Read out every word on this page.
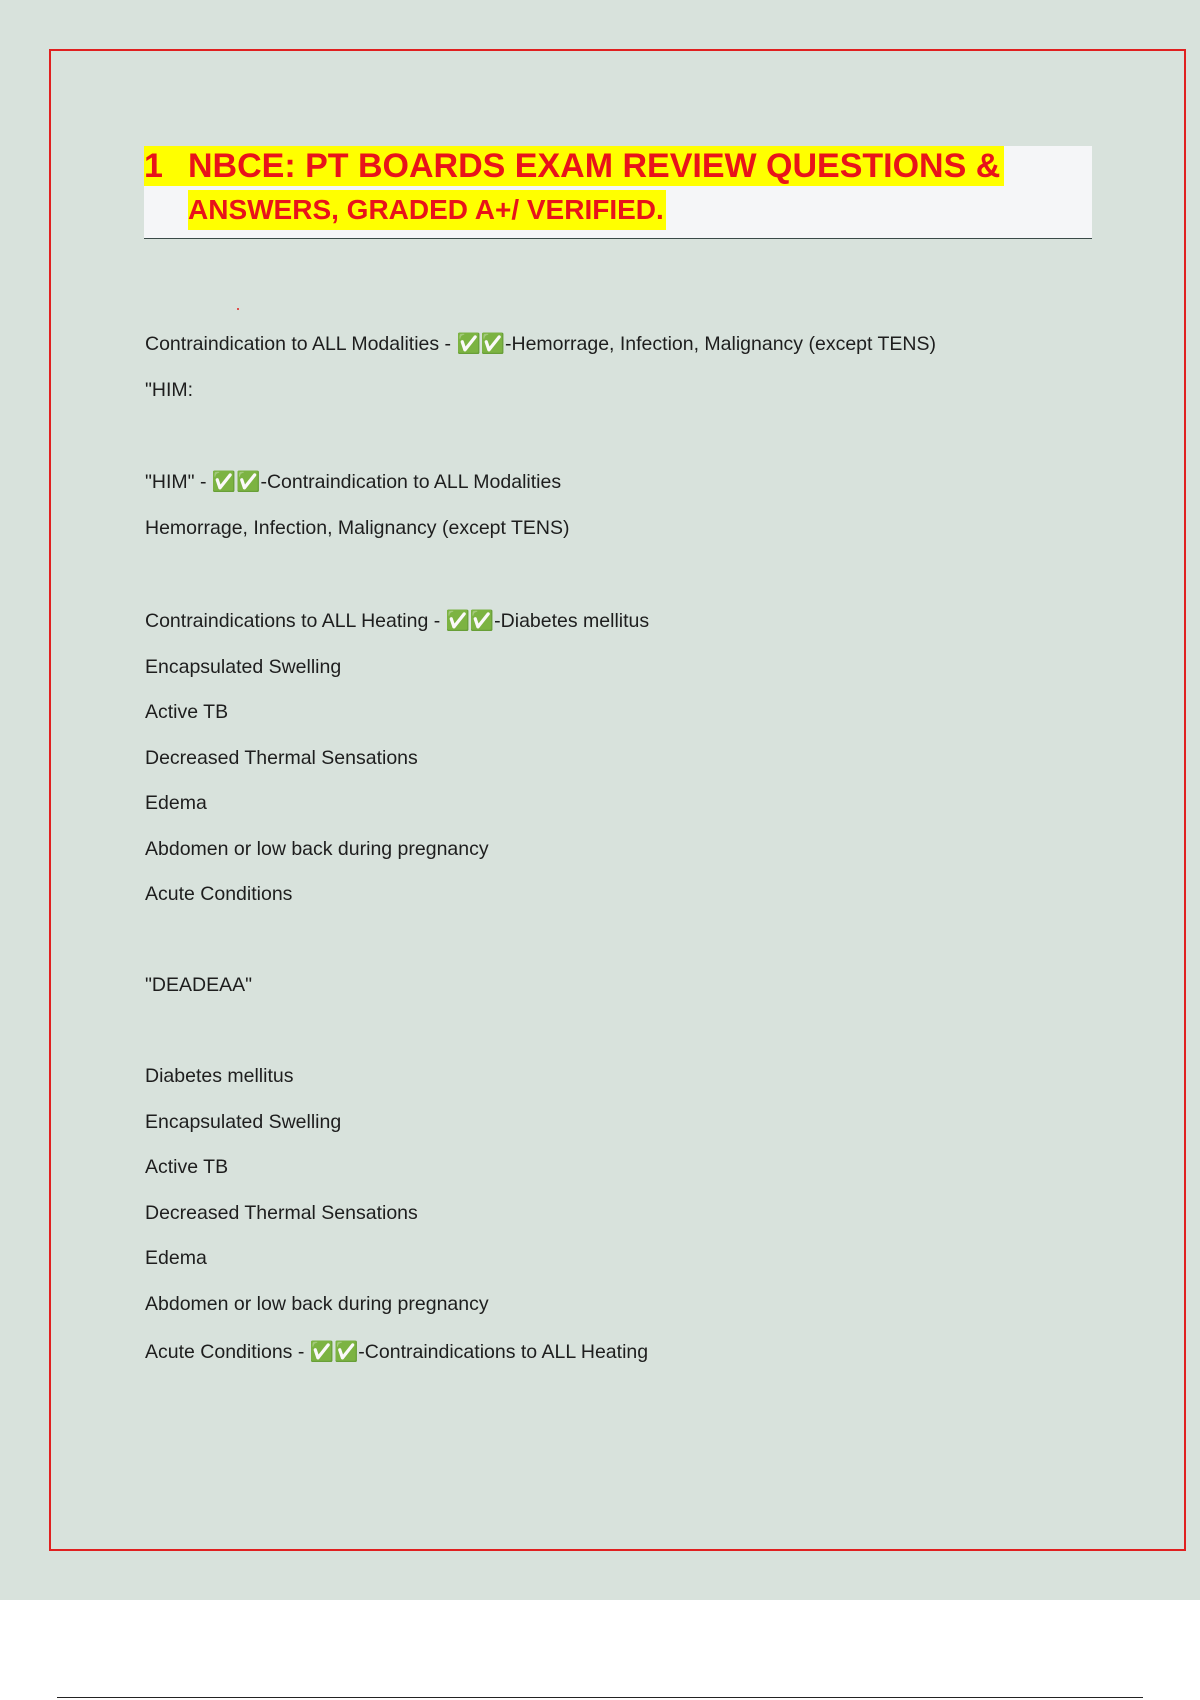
1 NBCE: PT BOARDS EXAM REVIEW QUESTIONS &
ANSWERS, GRADED A+/ VERIFIED.
Contraindication to ALL Modalities - ✅✅-Hemorrage, Infection, Malignancy (except TENS)
"HIM:
"HIM" - ✅✅-Contraindication to ALL Modalities
Hemorrage, Infection, Malignancy (except TENS)
Contraindications to ALL Heating - ✅✅-Diabetes mellitus
Encapsulated Swelling
Active TB
Decreased Thermal Sensations
Edema
Abdomen or low back during pregnancy
Acute Conditions
"DEADEAA"
Diabetes mellitus
Encapsulated Swelling
Active TB
Decreased Thermal Sensations
Edema
Abdomen or low back during pregnancy
Acute Conditions - ✅✅-Contraindications to ALL Heating
